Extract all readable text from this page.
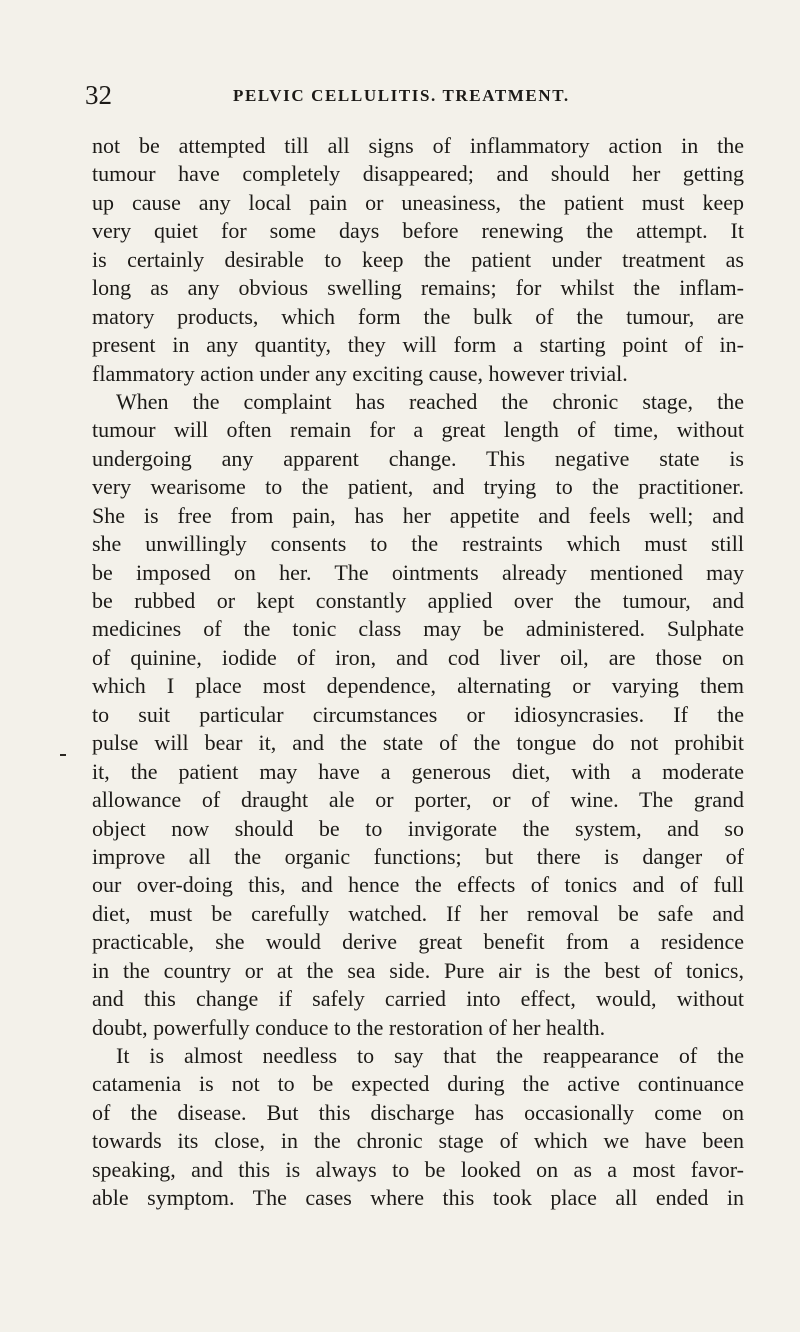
32	PELVIC CELLULITIS. TREATMENT.
not be attempted till all signs of inflammatory action in the
tumour have completely disappeared; and should her getting
up cause any local pain or uneasiness, the patient must keep
very quiet for some days before renewing the attempt. It
is certainly desirable to keep the patient under treatment as
long as any obvious swelling remains; for whilst the inflam-
matory products, which form the bulk of the tumour, are
present in any quantity, they will form a starting point of in-
flammatory action under any exciting cause, however trivial.
When the complaint has reached the chronic stage, the
tumour will often remain for a great length of time, without
undergoing any apparent change. This negative state is
very wearisome to the patient, and trying to the practitioner.
She is free from pain, has her appetite and feels well; and
she unwillingly consents to the restraints which must still
be imposed on her. The ointments already mentioned may
be rubbed or kept constantly applied over the tumour, and
medicines of the tonic class may be administered. Sulphate
of quinine, iodide of iron, and cod liver oil, are those on
which I place most dependence, alternating or varying them
to suit particular circumstances or idiosyncrasies. If the
pulse will bear it, and the state of the tongue do not prohibit
it, the patient may have a generous diet, with a moderate
allowance of draught ale or porter, or of wine. The grand
object now should be to invigorate the system, and so
improve all the organic functions; but there is danger of
our over-doing this, and hence the effects of tonics and of full
diet, must be carefully watched. If her removal be safe and
practicable, she would derive great benefit from a residence
in the country or at the sea side. Pure air is the best of tonics,
and this change if safely carried into effect, would, without
doubt, powerfully conduce to the restoration of her health.
It is almost needless to say that the reappearance of the
catamenia is not to be expected during the active continuance
of the disease. But this discharge has occasionally come on
towards its close, in the chronic stage of which we have been
speaking, and this is always to be looked on as a most favor-
able symptom. The cases where this took place all ended in
